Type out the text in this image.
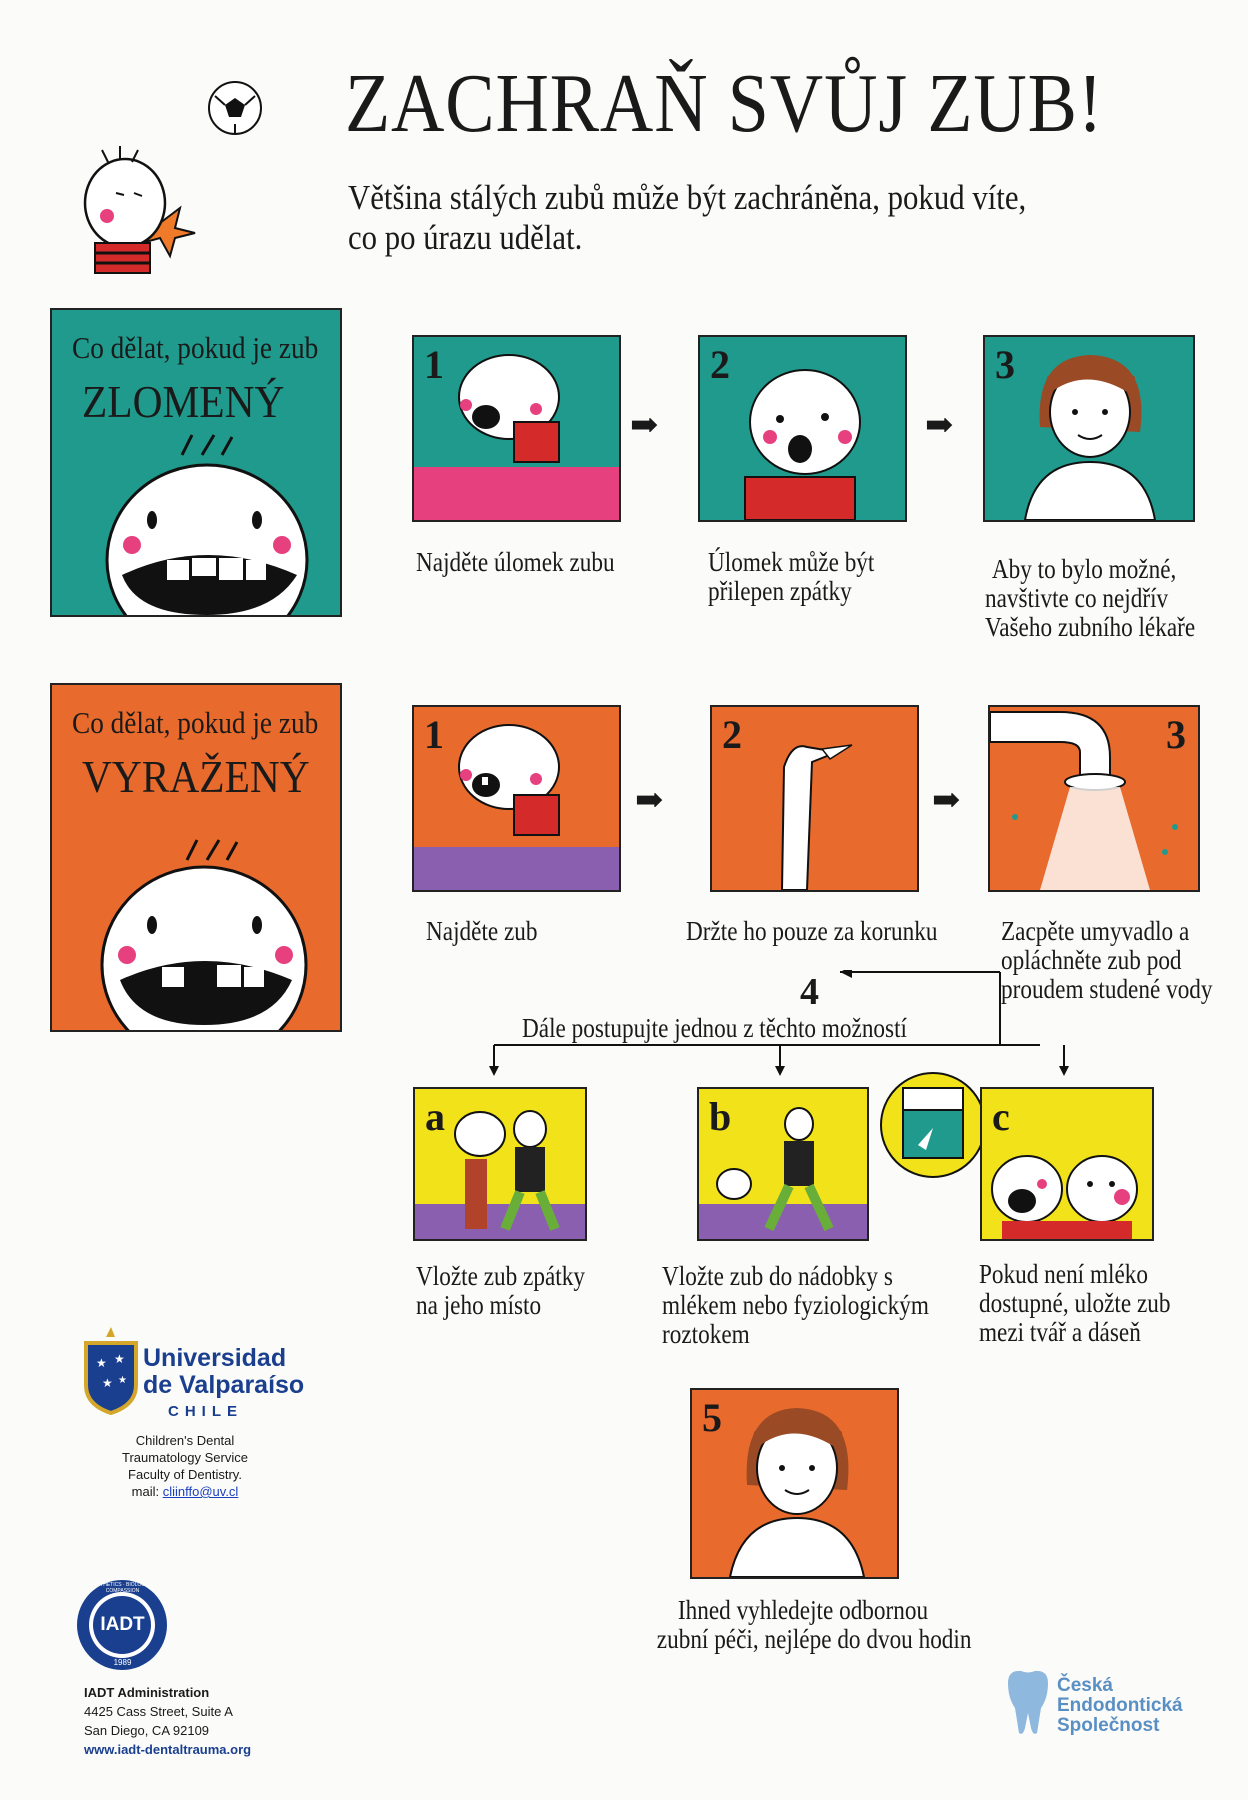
ZACHRAŇ SVŮJ ZUB!
Většina stálých zubů může být zachráněna, pokud víte,
co po úrazu udělat.
Co dělat, pokud je zub
ZLOMENÝ
1
➡
2
➡
3
Najděte úlomek zubu	Úlomek může být
přilepen zpátky
Aby to bylo možné,
navštivte co nejdřív
Vašeho zubního lékaře
Co dělat, pokud je zub
VYRAŽENÝ
1
➡
2
➡
3
Najděte zub	Držte ho pouze za korunku Zacpěte umyvadlo a
opláchněte zub pod
proudem studené vody
4
Dále postupujte jednou z těchto možností
a	b	c
Vložte zub zpátky
na jeho místo
Vložte zub do nádobky s
mlékem nebo fyziologickým
roztokem
Pokud není mléko
dostupné, uložte zub
mezi tvář a dáseň
5
Ihned vyhledejte odbornou
zubní péči, nejlépe do dvou hodin
★ ★
★ ★
Universidad
de Valparaíso
CHILE
Children's Dental
Traumatology Service
Faculty of Dentistry.
mail: cliinffo@uv.cl
IADT
1989
ESTHETICS · BIOLOGY · COMPASSION
IADT Administration
4425 Cass Street, Suite A
San Diego, CA 92109
www.iadt-dentaltrauma.org
Česká
Endodontická
Společnost
